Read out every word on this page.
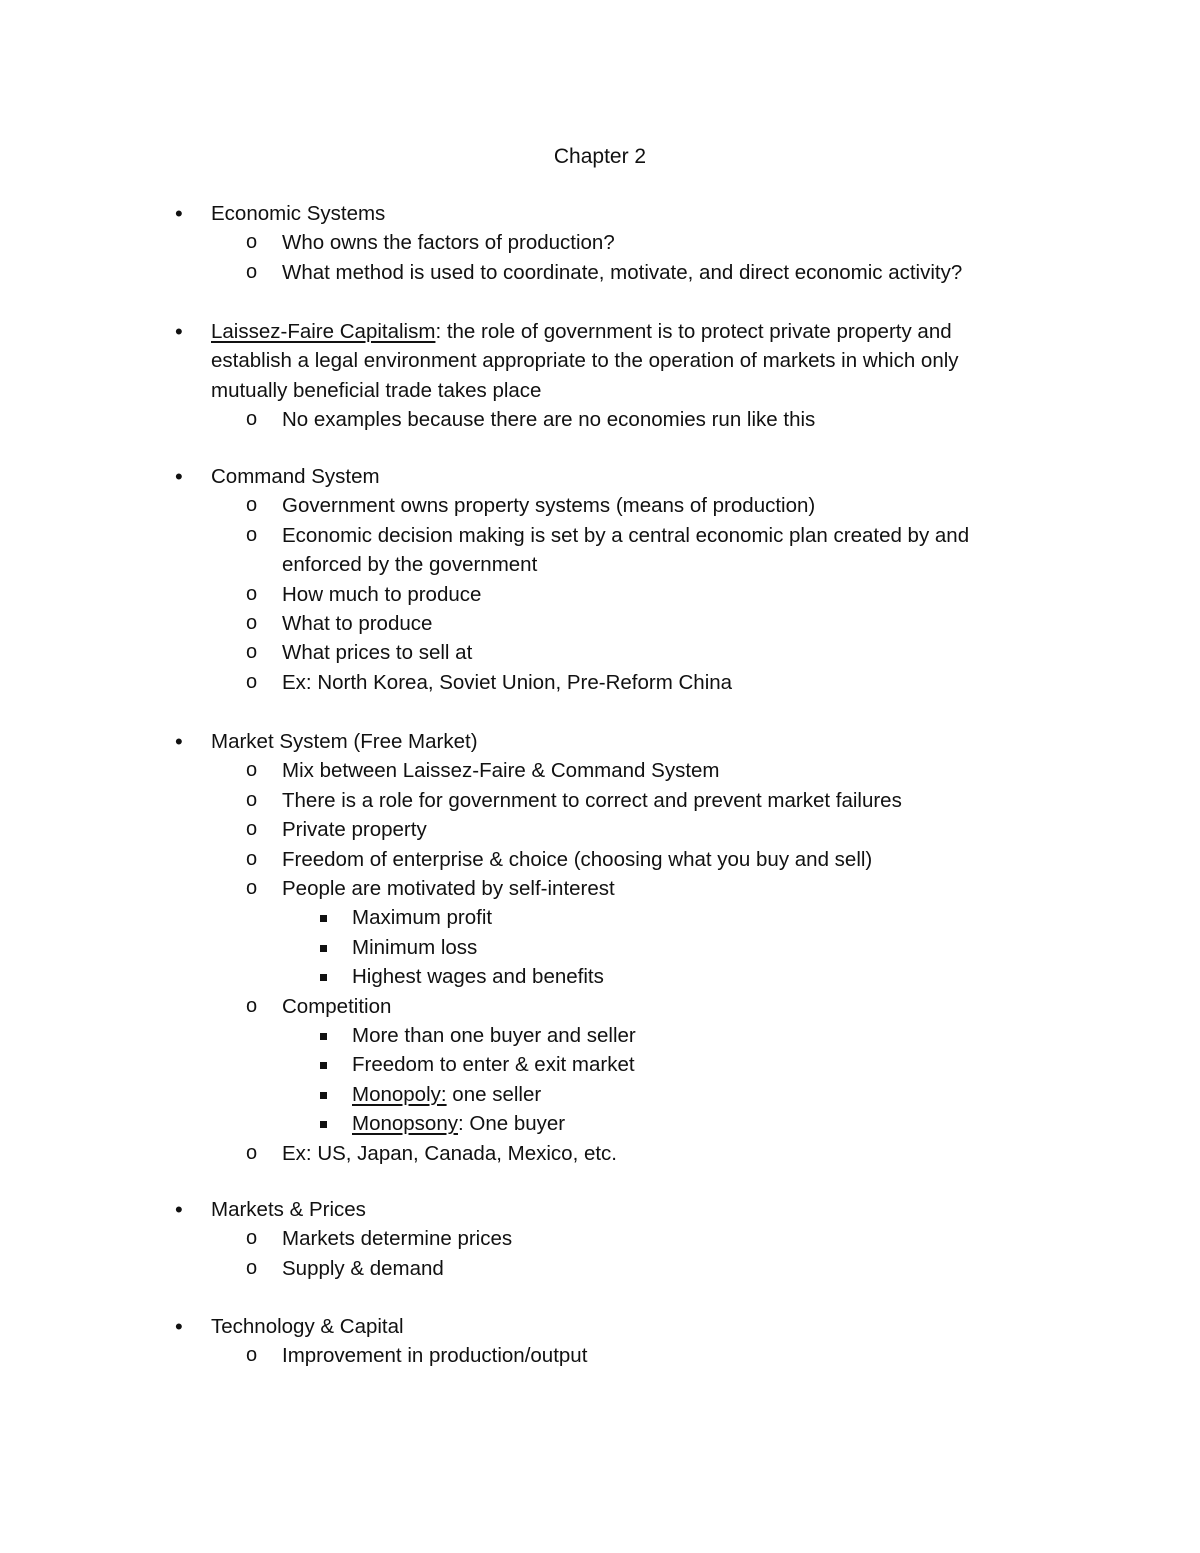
Chapter 2
• Economic Systems
o Who owns the factors of production?
o What method is used to coordinate, motivate, and direct economic activity?
• Laissez-Faire Capitalism: the role of government is to protect private property and establish a legal environment appropriate to the operation of markets in which only mutually beneficial trade takes place
o No examples because there are no economies run like this
• Command System
o Government owns property systems (means of production)
o Economic decision making is set by a central economic plan created by and enforced by the government
o How much to produce
o What to produce
o What prices to sell at
o Ex: North Korea, Soviet Union, Pre-Reform China
• Market System (Free Market)
o Mix between Laissez-Faire & Command System
o There is a role for government to correct and prevent market failures
o Private property
o Freedom of enterprise & choice (choosing what you buy and sell)
o People are motivated by self-interest
Maximum profit
Minimum loss
Highest wages and benefits
o Competition
More than one buyer and seller
Freedom to enter & exit market
Monopoly: one seller
Monopsony: One buyer
o Ex: US, Japan, Canada, Mexico, etc.
• Markets & Prices
o Markets determine prices
o Supply & demand
• Technology & Capital
o Improvement in production/output
